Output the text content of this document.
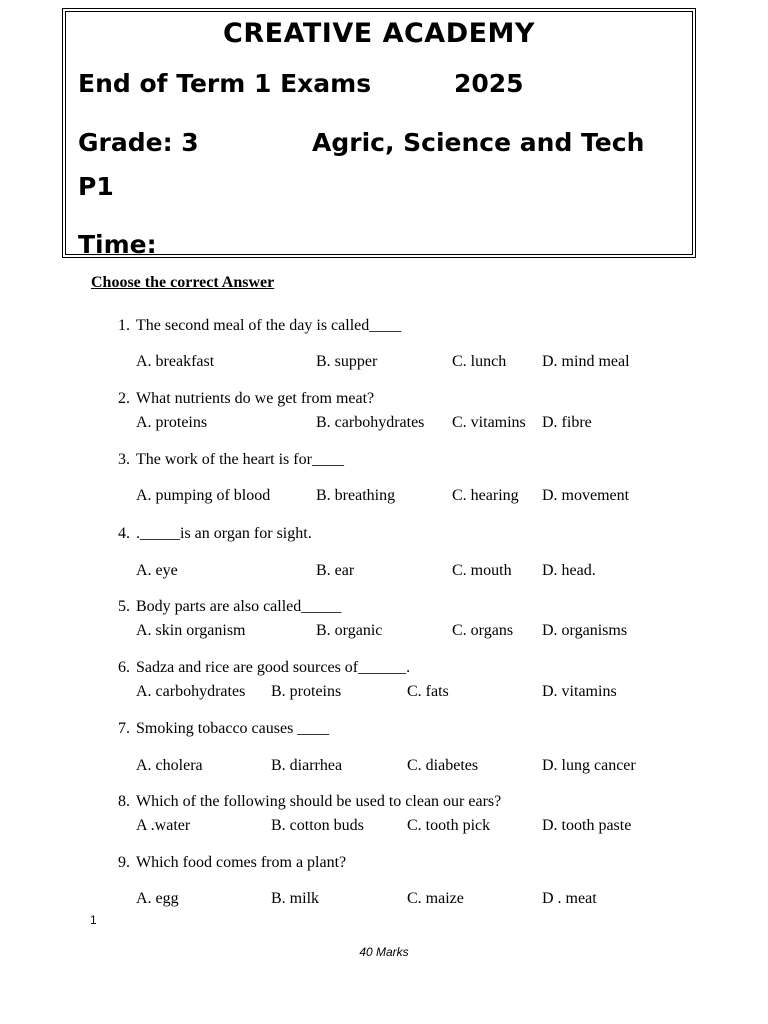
CREATIVE ACADEMY
End of Term 1 Exams	2025
Grade: 3	Agric, Science and Tech
P1
Time:
Choose the correct Answer
1. The second meal of the day is called____
A. breakfast	B. supper	C. lunch D. mind meal
2. What nutrients do we get from meat?
A. proteins	B. carbohydrates C. vitamins D. fibre
3. The work of the heart is for____
A. pumping of blood	B. breathing	C. hearing D. movement
4. ._____is an organ for sight.
A. eye	B. ear	C. mouth D. head.
5. Body parts are also called_____
A. skin organism	B. organic	C. organs D. organisms
6. Sadza and rice are good sources of______.
A. carbohydrates B. proteins	C. fats	D. vitamins
7. Smoking tobacco causes ____
A. cholera	B. diarrhea	C. diabetes	D. lung cancer
8. Which of the following should be used to clean our ears?
A .water	B. cotton buds	C. tooth pick	D. tooth paste
9. Which food comes from a plant?
A. egg	B. milk	C. maize	D . meat
1
40 Marks
